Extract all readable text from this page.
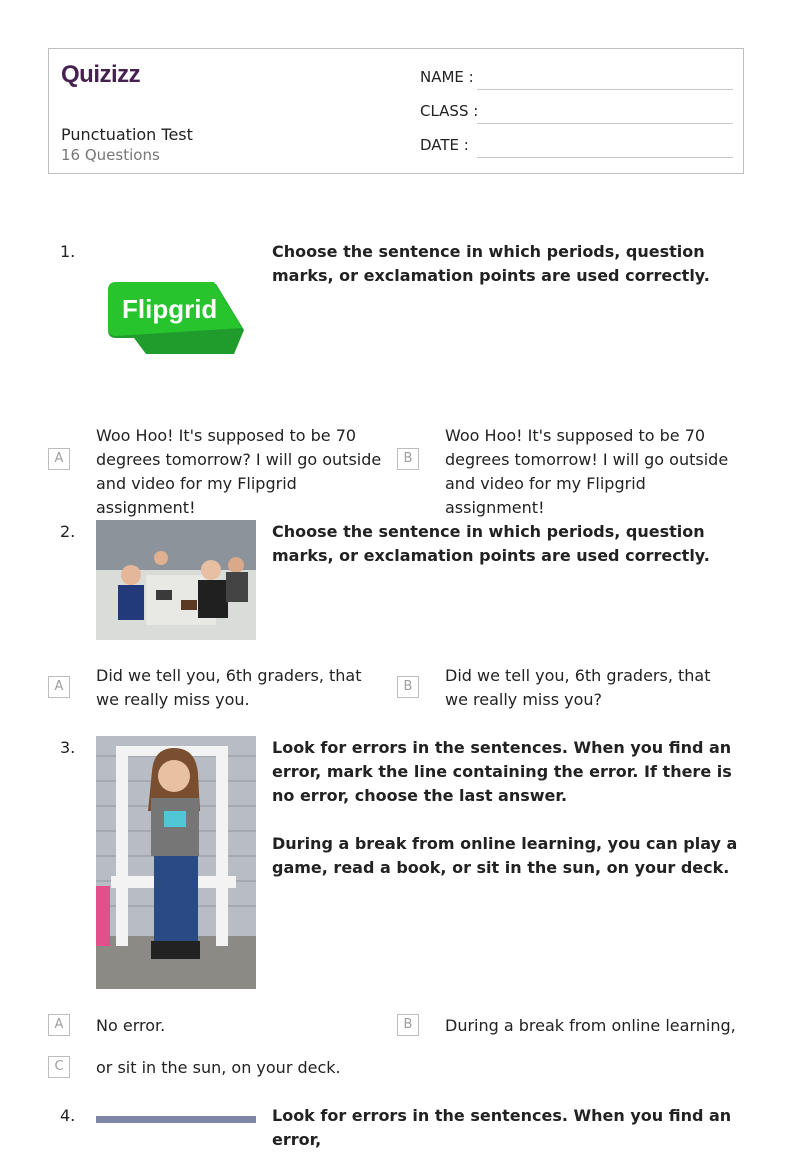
Quizizz
Punctuation Test
16 Questions
NAME :
CLASS :
DATE :
1.
Flipgrid
Choose the sentence in which periods, question marks, or exclamation points are used correctly.
A
Woo Hoo! It's supposed to be 70 degrees tomorrow? I will go outside and video for my Flipgrid assignment!
B
Woo Hoo! It's supposed to be 70 degrees tomorrow! I will go outside and video for my Flipgrid assignment!
2.	Choose the sentence in which periods, question marks, or exclamation points are used correctly.
A
Did we tell you, 6th graders, that we really miss you.
B
Did we tell you, 6th graders, that we really miss you?
3.	Look for errors in the sentences. When you find an error, mark the line containing the error. If there is no error, choose the last answer.
During a break from online learning, you can play a game, read a book, or sit in the sun, on your deck.
A	No error.	B	During a break from online learning,
C	or sit in the sun, on your deck.
4.	Look for errors in the sentences. When you find an error,
